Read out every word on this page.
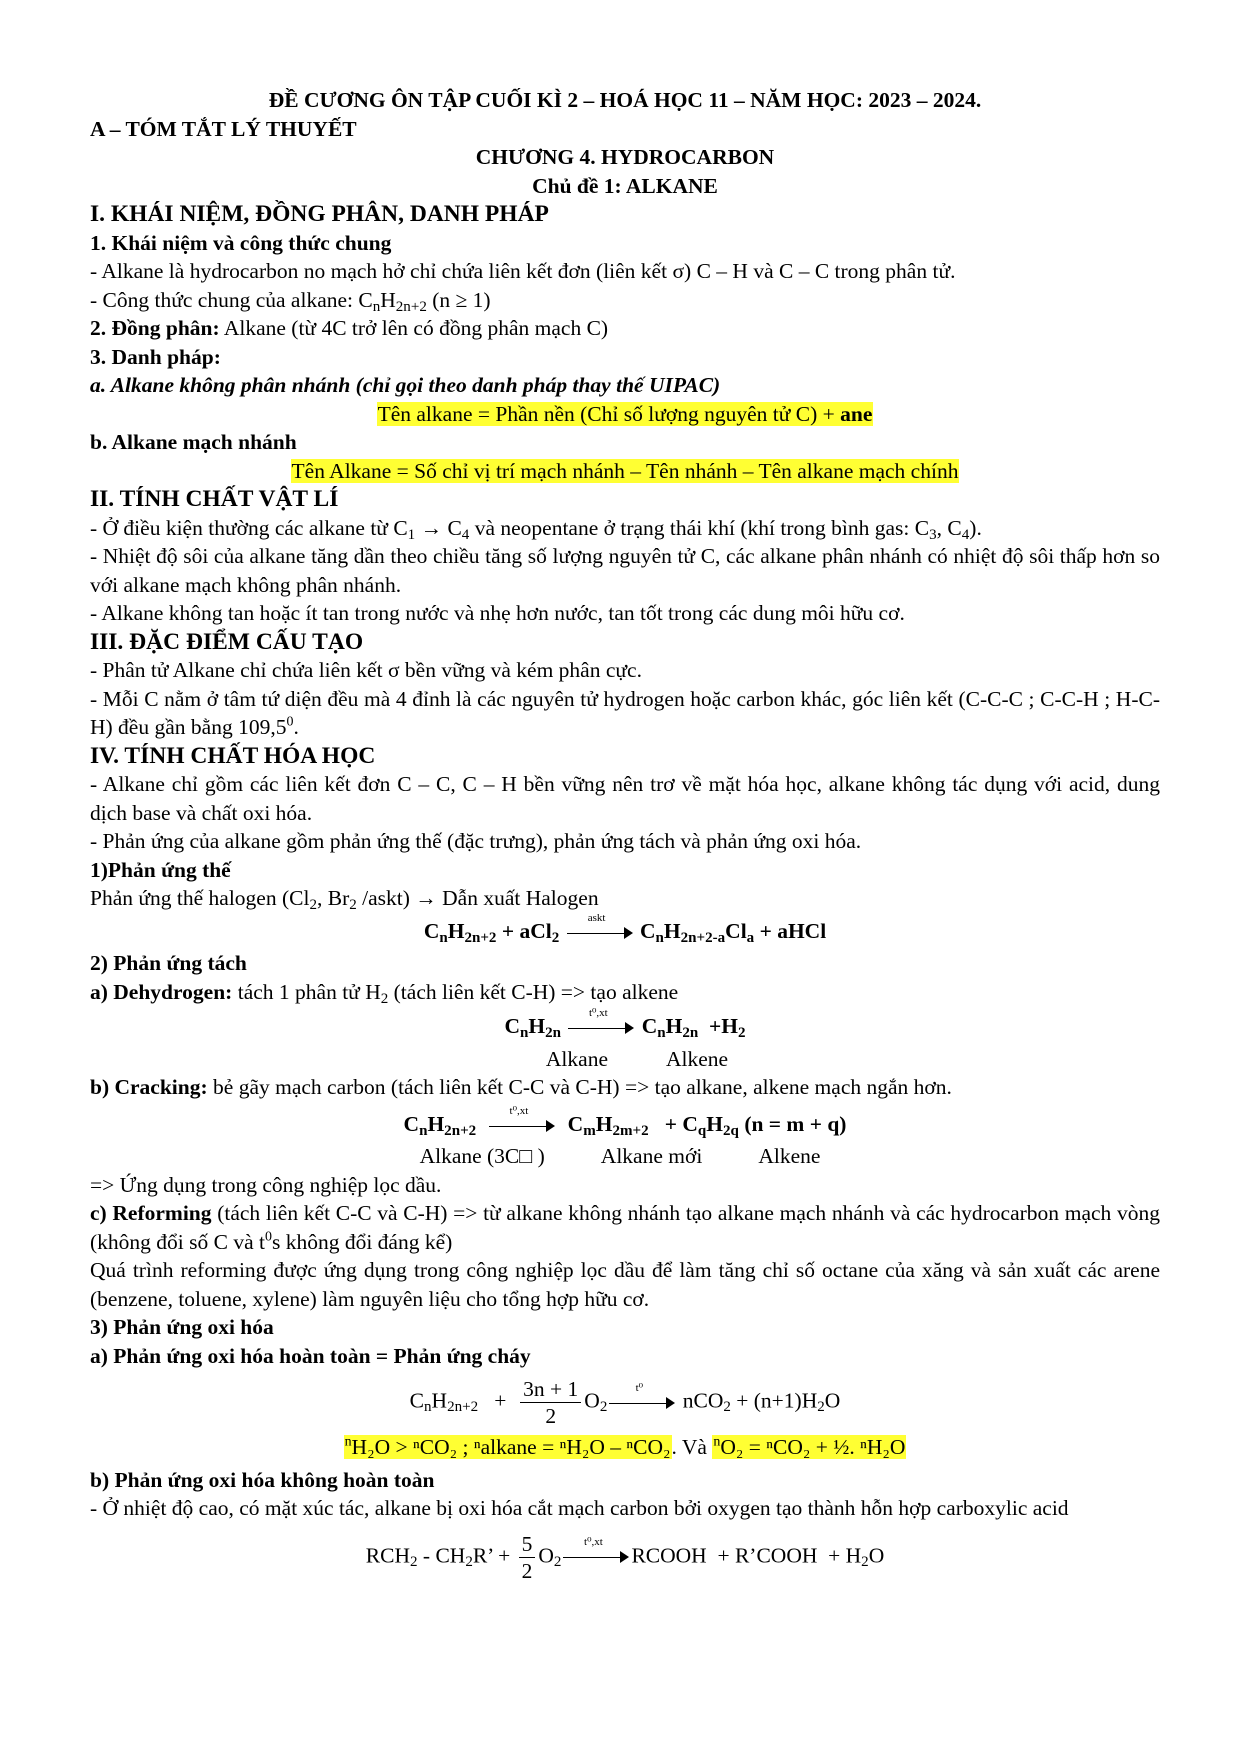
ĐỀ CƯƠNG ÔN TẬP CUỐI KÌ 2 – HOÁ HỌC 11 – NĂM HỌC: 2023 – 2024.
A – TÓM TẮT LÝ THUYẾT
CHƯƠNG 4. HYDROCARBON
Chủ đề 1: ALKANE
I. KHÁI NIỆM, ĐỒNG PHÂN, DANH PHÁP
1. Khái niệm và công thức chung
- Alkane là hydrocarbon no mạch hở chỉ chứa liên kết đơn (liên kết σ) C – H và C – C trong phân tử.
- Công thức chung của alkane: $C_nH_{2n+2}$ (n ≥ 1)
2. Đồng phân: Alkane (từ 4C trở lên có đồng phân mạch C)
3. Danh pháp:
a. Alkane không phân nhánh (chỉ gọi theo danh pháp thay thế UIPAC)
Tên alkane = Phần nền (Chỉ số lượng nguyên tử C) + ane
b. Alkane mạch nhánh
Tên Alkane = Số chỉ vị trí mạch nhánh – Tên nhánh – Tên alkane mạch chính
II. TÍNH CHẤT VẬT LÍ
- Ở điều kiện thường các alkane từ $C_1 \to C_4$ và neopentane ở trạng thái khí (khí trong bình gas: $C_3$, $C_4$).
- Nhiệt độ sôi của alkane tăng dần theo chiều tăng số lượng nguyên tử C, các alkane phân nhánh có nhiệt độ sôi thấp hơn so với alkane mạch không phân nhánh.
- Alkane không tan hoặc ít tan trong nước và nhẹ hơn nước, tan tốt trong các dung môi hữu cơ.
III. ĐẶC ĐIỂM CẤU TẠO
- Phân tử Alkane chỉ chứa liên kết σ bền vững và kém phân cực.
- Mỗi C nằm ở tâm tứ diện đều mà 4 đỉnh là các nguyên tử hydrogen hoặc carbon khác, góc liên kết (C-C-C ; C-C-H ; H-C-H) đều gần bằng 109,5$^0$.
IV. TÍNH CHẤT HÓA HỌC
- Alkane chỉ gồm các liên kết đơn C – C, C – H bền vững nên trơ về mặt hóa học, alkane không tác dụng với acid, dung dịch base và chất oxi hóa.
- Phản ứng của alkane gồm phản ứng thế (đặc trưng), phản ứng tách và phản ứng oxi hóa.
1)Phản ứng thế
Phản ứng thế halogen ($Cl_2$, $Br_2$ /askt) → Dẫn xuất Halogen
$C_nH_{2n+2} + aCl_2$
askt
$C_nH_{2n+2-a}Cl_a$ + aHCl
2) Phản ứng tách
a) Dehydrogen: tách 1 phân tử $H_2$ (tách liên kết C-H) => tạo alkene
$C_nH_{2n}$
t⁰,xt
$C_nH_{2n} +H_2$
Alkane	Alkene
b) Cracking: bẻ gãy mạch carbon (tách liên kết C-C và C-H) => tạo alkane, alkene mạch ngắn hơn.
$C_nH_{2n+2}$
t⁰,xt
$C_mH_{2m+2} + C_qH_{2q}$ (n = m + q)
Alkane (3C□ )	Alkane mới	Alkene
=> Ứng dụng trong công nghiệp lọc dầu.
c) Reforming (tách liên kết C-C và C-H) => từ alkane không nhánh tạo alkane mạch nhánh và các hydrocarbon mạch vòng (không đổi số C và $t^0s$ không đổi đáng kể)
Quá trình reforming được ứng dụng trong công nghiệp lọc dầu để làm tăng chỉ số octane của xăng và sản xuất các arene (benzene, toluene, xylene) làm nguyên liệu cho tổng hợp hữu cơ.
3) Phản ứng oxi hóa
a) Phản ứng oxi hóa hoàn toàn = Phản ứng cháy
$C_nH_{2n+2} + \frac{3n + 1}{2} O_2$
t⁰
$nCO_2 + (n+1)H_2O$
$^n$H₂O > ⁿCO₂ ; ⁿalkane = ⁿH₂O – ⁿCO₂. Và $^n$O₂ = ⁿCO₂ + ½. ⁿH₂O
b) Phản ứng oxi hóa không hoàn toàn
- Ở nhiệt độ cao, có mặt xúc tác, alkane bị oxi hóa cắt mạch carbon bởi oxygen tạo thành hỗn hợp carboxylic acid
$RCH_2 - CH_2R$’ + $\frac{5}{2} O_2$
t⁰,xt
RCOOH  + R’COOH  + $H_2O$
